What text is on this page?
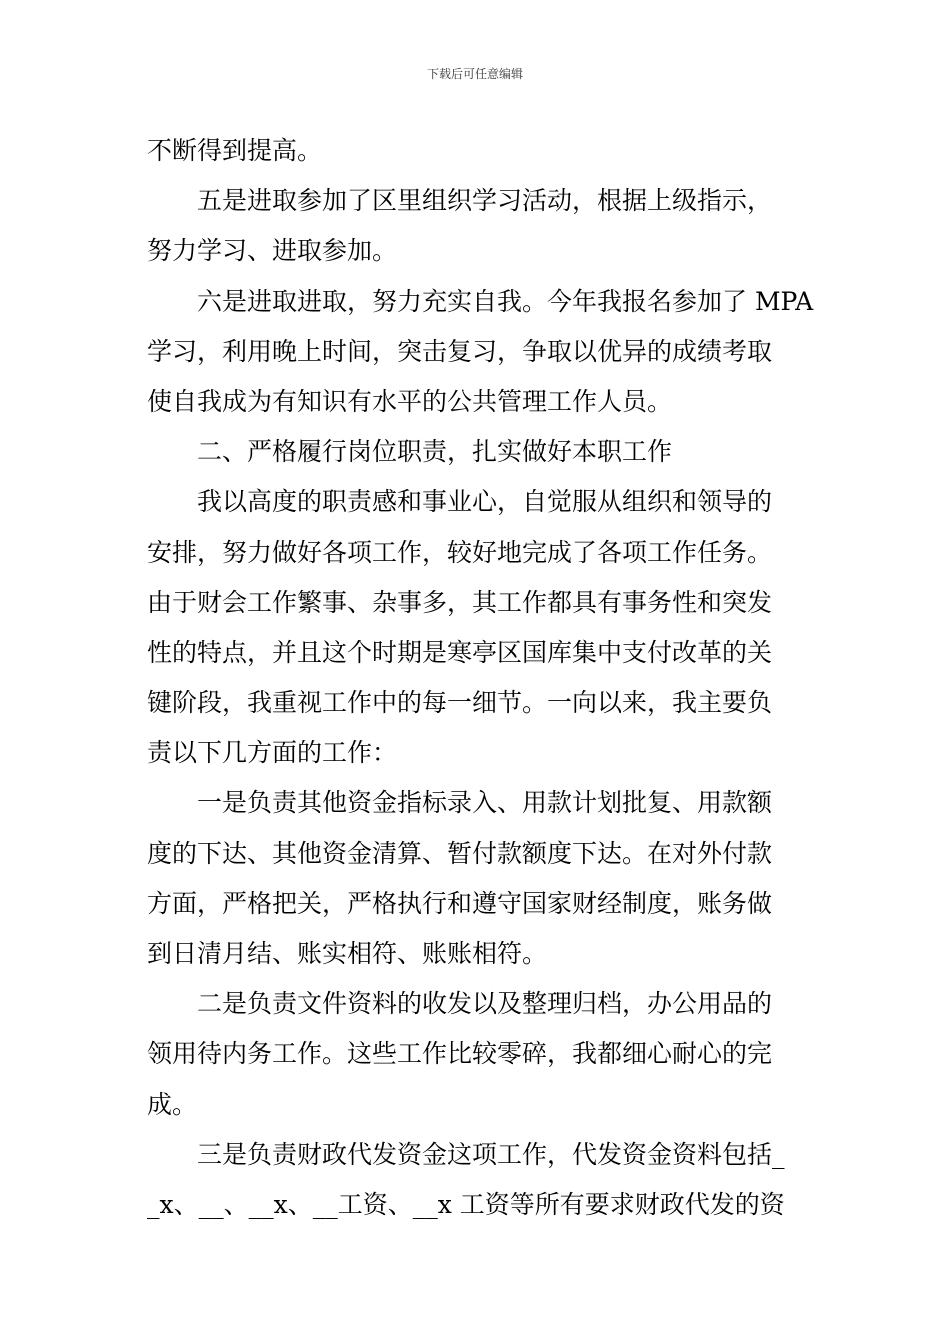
下载后可任意编辑
不断得到提高。
　　五是进取参加了区里组织学习活动，根据上级指示，
努力学习、进取参加。
　　六是进取进取，努力充实自我。今年我报名参加了 MPA
学习，利用晚上时间，突击复习，争取以优异的成绩考取
使自我成为有知识有水平的公共管理工作人员。
　　二、严格履行岗位职责，扎实做好本职工作
　　我以高度的职责感和事业心，自觉服从组织和领导的
安排，努力做好各项工作，较好地完成了各项工作任务。
由于财会工作繁事、杂事多，其工作都具有事务性和突发
性的特点，并且这个时期是寒亭区国库集中支付改革的关
键阶段，我重视工作中的每一细节。一向以来，我主要负
责以下几方面的工作：
　　一是负责其他资金指标录入、用款计划批复、用款额
度的下达、其他资金清算、暂付款额度下达。在对外付款
方面，严格把关，严格执行和遵守国家财经制度，账务做
到日清月结、账实相符、账账相符。
　　二是负责文件资料的收发以及整理归档，办公用品的
领用待内务工作。这些工作比较零碎，我都细心耐心的完
成。
　　三是负责财政代发资金这项工作，代发资金资料包括_
_x、__、__x、__工资、__x 工资等所有要求财政代发的资
